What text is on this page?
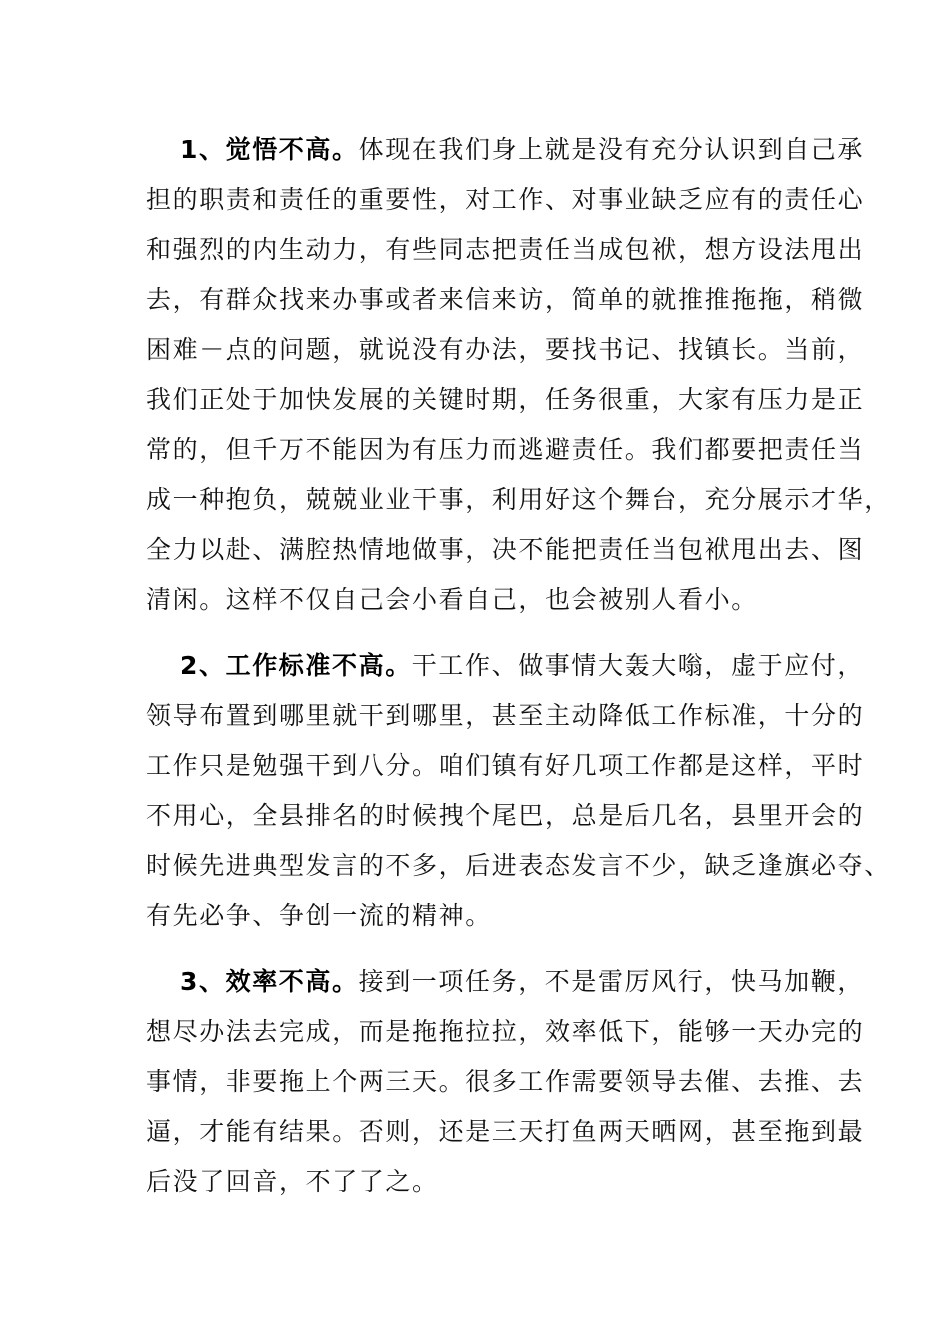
1、觉悟不高。体现在我们身上就是没有充分认识到自己承
担的职责和责任的重要性，对工作、对事业缺乏应有的责任心
和强烈的内生动力，有些同志把责任当成包袱，想方设法甩出
去，有群众找来办事或者来信来访，简单的就推推拖拖，稍微
困难－点的问题，就说没有办法，要找书记、找镇长。当前，
我们正处于加快发展的关键时期，任务很重，大家有压力是正
常的，但千万不能因为有压力而逃避责任。我们都要把责任当
成一种抱负，兢兢业业干事，利用好这个舞台，充分展示才华，
全力以赴、满腔热情地做事，决不能把责任当包袱甩出去、图
清闲。这样不仅自己会小看自己，也会被别人看小。
2、工作标准不高。干工作、做事情大轰大嗡，虚于应付，
领导布置到哪里就干到哪里，甚至主动降低工作标准，十分的
工作只是勉强干到八分。咱们镇有好几项工作都是这样，平时
不用心，全县排名的时候拽个尾巴，总是后几名，县里开会的
时候先进典型发言的不多，后进表态发言不少，缺乏逢旗必夺、
有先必争、争创一流的精神。
3、效率不高。接到一项任务，不是雷厉风行，快马加鞭，
想尽办法去完成，而是拖拖拉拉，效率低下，能够一天办完的
事情，非要拖上个两三天。很多工作需要领导去催、去推、去
逼，才能有结果。否则，还是三天打鱼两天晒网，甚至拖到最
后没了回音，不了了之。
